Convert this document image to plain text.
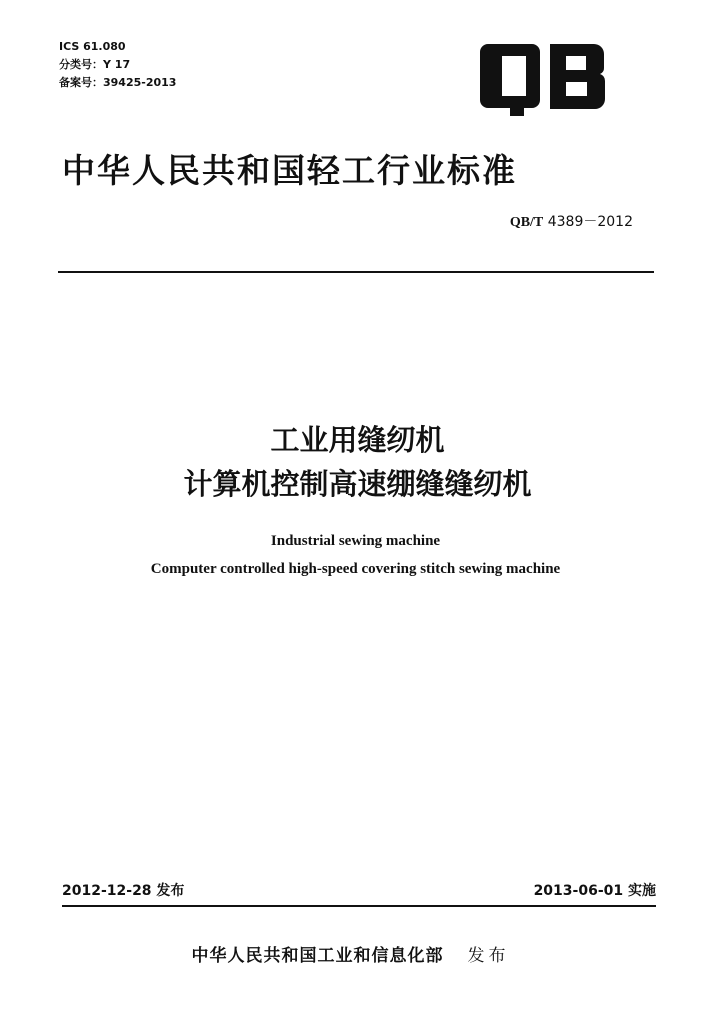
ICS 61.080
分类号：Y 17
备案号：39425-2013
中华人民共和国轻工行业标准
QB/T 4389－2012
工业用缝纫机
计算机控制高速绷缝缝纫机
Industrial sewing machine
Computer controlled high-speed covering stitch sewing machine
2012-12-28 发布	2013-06-01 实施
中华人民共和国工业和信息化部 发布
